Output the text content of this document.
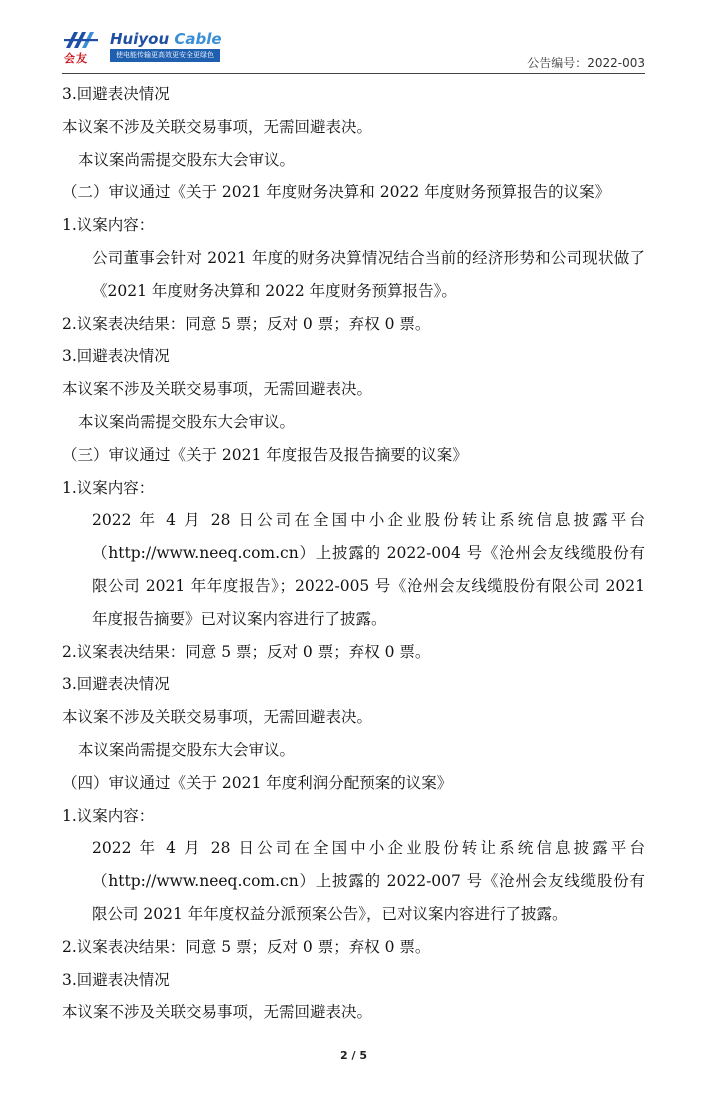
会友
Huiyou Cable
使电能传输更高效更安全更绿色
公告编号：2022-003

3.回避表决情况

本议案不涉及关联交易事项，无需回避表决。

本议案尚需提交股东大会审议。

（二）审议通过《关于 2021 年度财务决算和 2022 年度财务预算报告的议案》

1.议案内容：

公司董事会针对 2021 年度的财务决算情况结合当前的经济形势和公司现状做了《2021 年度财务决算和 2022 年度财务预算报告》。

2.议案表决结果：同意 5 票；反对 0 票；弃权 0 票。

3.回避表决情况

本议案不涉及关联交易事项，无需回避表决。

本议案尚需提交股东大会审议。

（三）审议通过《关于 2021 年度报告及报告摘要的议案》

1.议案内容：

2022 年 4 月 28 日公司在全国中小企业股份转让系统信息披露平台（http://www.neeq.com.cn）上披露的 2022-004 号《沧州会友线缆股份有限公司 2021 年年度报告》；2022-005 号《沧州会友线缆股份有限公司 2021 年度报告摘要》已对议案内容进行了披露。

2.议案表决结果：同意 5 票；反对 0 票；弃权 0 票。

3.回避表决情况

本议案不涉及关联交易事项，无需回避表决。

本议案尚需提交股东大会审议。

（四）审议通过《关于 2021 年度利润分配预案的议案》

1.议案内容：

2022 年 4 月 28 日公司在全国中小企业股份转让系统信息披露平台（http://www.neeq.com.cn）上披露的 2022-007 号《沧州会友线缆股份有限公司 2021 年年度权益分派预案公告》，已对议案内容进行了披露。

2.议案表决结果：同意 5 票；反对 0 票；弃权 0 票。

3.回避表决情况

本议案不涉及关联交易事项，无需回避表决。

2 / 5
